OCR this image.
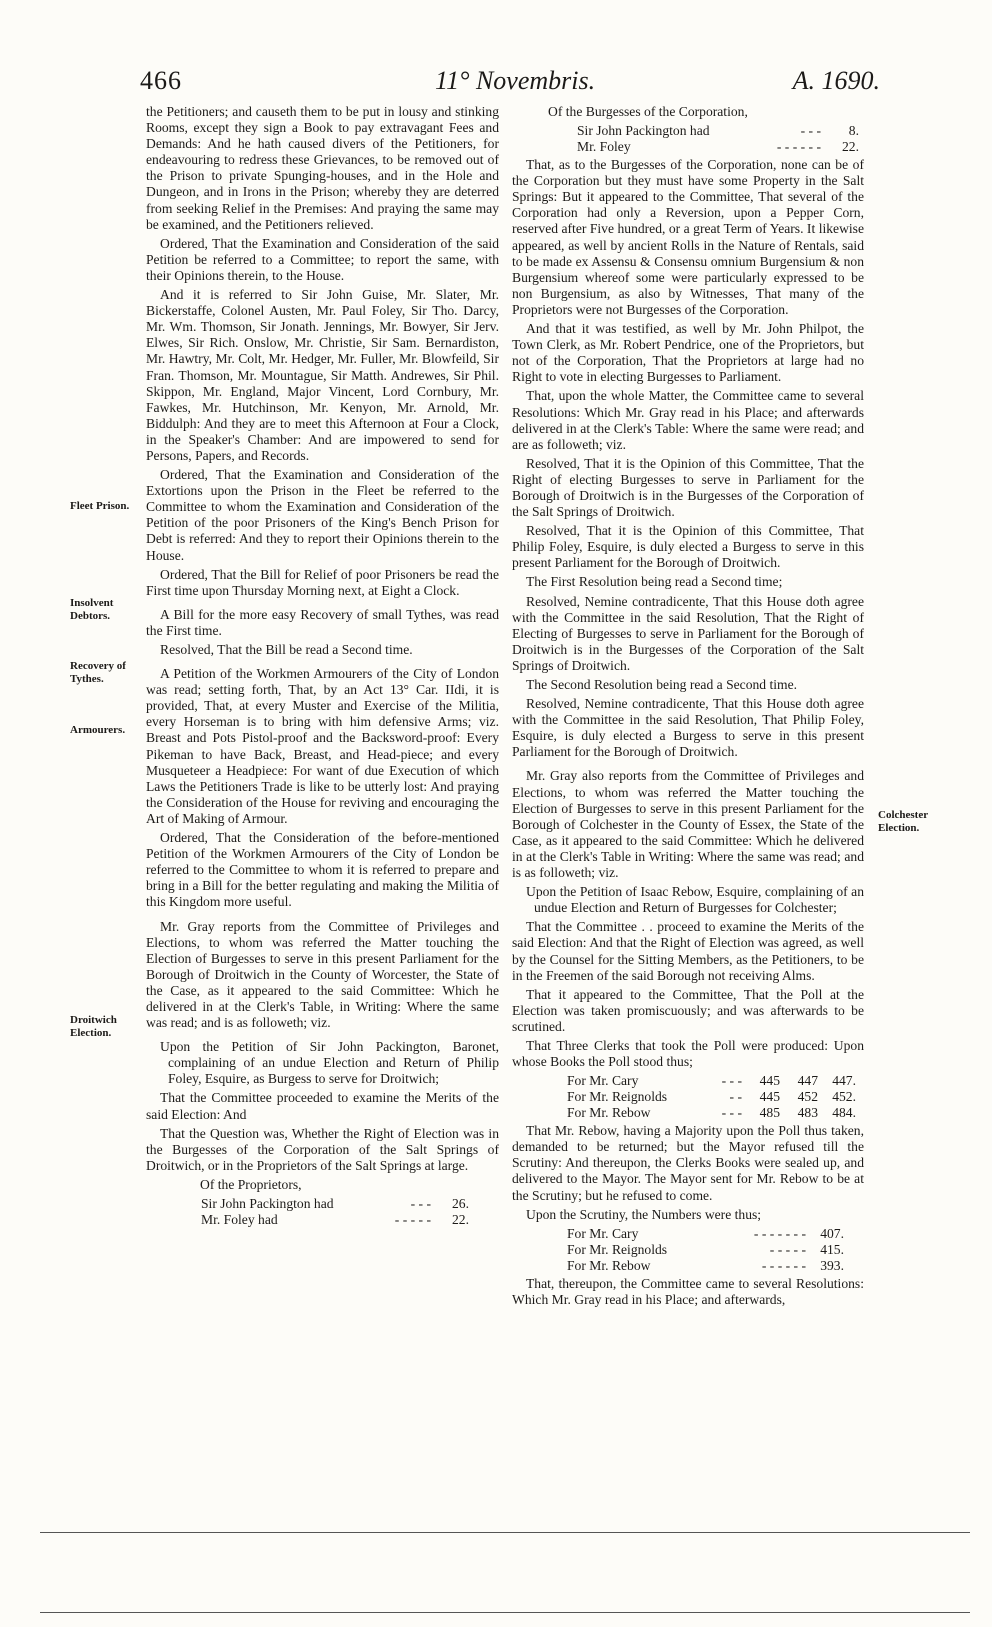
466	11° Novembris.	A. 1690.
Fleet Prison.
Insolvent Debtors.
Recovery of Tythes.
Armourers.
Droitwich Election.
Colchester Election.

the Petitioners; and causeth them to be put in lousy and stinking Rooms, except they sign a Book to pay extravagant Fees and Demands: And he hath caused divers of the Petitioners, for endeavouring to redress these Grievances, to be removed out of the Prison to private Spunging-houses, and in the Hole and Dungeon, and in Irons in the Prison; whereby they are deterred from seeking Relief in the Premises: And praying the same may be examined, and the Petitioners relieved.

Ordered, That the Examination and Consideration of the said Petition be referred to a Committee; to report the same, with their Opinions therein, to the House.

And it is referred to Sir John Guise, Mr. Slater, Mr. Bickerstaffe, Colonel Austen, Mr. Paul Foley, Sir Tho. Darcy, Mr. Wm. Thomson, Sir Jonath. Jennings, Mr. Bowyer, Sir Jerv. Elwes, Sir Rich. Onslow, Mr. Christie, Sir Sam. Bernardiston, Mr. Hawtry, Mr. Colt, Mr. Hedger, Mr. Fuller, Mr. Blowfeild, Sir Fran. Thomson, Mr. Mountague, Sir Matth. Andrewes, Sir Phil. Skippon, Mr. England, Major Vincent, Lord Cornbury, Mr. Fawkes, Mr. Hutchinson, Mr. Kenyon, Mr. Arnold, Mr. Biddulph: And they are to meet this Afternoon at Four a Clock, in the Speaker's Chamber: And are impowered to send for Persons, Papers, and Records.

Ordered, That the Examination and Consideration of the Extortions upon the Prison in the Fleet be referred to the Committee to whom the Examination and Consideration of the Petition of the poor Prisoners of the King's Bench Prison for Debt is referred: And they to report their Opinions therein to the House.

Ordered, That the Bill for Relief of poor Prisoners be read the First time upon Thursday Morning next, at Eight a Clock.

A Bill for the more easy Recovery of small Tythes, was read the First time.

Resolved, That the Bill be read a Second time.

A Petition of the Workmen Armourers of the City of London was read; setting forth, That, by an Act 13° Car. IIdi, it is provided, That, at every Muster and Exercise of the Militia, every Horseman is to bring with him defensive Arms; viz. Breast and Pots Pistol-proof and the Backsword-proof: Every Pikeman to have Back, Breast, and Head-piece; and every Musqueteer a Headpiece: For want of due Execution of which Laws the Petitioners Trade is like to be utterly lost: And praying the Consideration of the House for reviving and encouraging the Art of Making of Armour.

Ordered, That the Consideration of the before-mentioned Petition of the Workmen Armourers of the City of London be referred to the Committee to whom it is referred to prepare and bring in a Bill for the better regulating and making the Militia of this Kingdom more useful.

Mr. Gray reports from the Committee of Privileges and Elections, to whom was referred the Matter touching the Election of Burgesses to serve in this present Parliament for the Borough of Droitwich in the County of Worcester, the State of the Case, as it appeared to the said Committee: Which he delivered in at the Clerk's Table, in Writing: Where the same was read; and is as followeth; viz.

Upon the Petition of Sir John Packington, Baronet, complaining of an undue Election and Return of Philip Foley, Esquire, as Burgess to serve for Droitwich;

That the Committee proceeded to examine the Merits of the said Election: And

That the Question was, Whether the Right of Election was in the Burgesses of the Corporation of the Salt Springs of Droitwich, or in the Proprietors of the Salt Springs at large.

Of the Proprietors,

Sir John Packington had	- - -	26.
Mr. Foley had	- - - - -	22.

Of the Burgesses of the Corporation,

Sir John Packington had	- - -	8.
Mr. Foley	- - - - - -	22.

That, as to the Burgesses of the Corporation, none can be of the Corporation but they must have some Property in the Salt Springs: But it appeared to the Committee, That several of the Corporation had only a Reversion, upon a Pepper Corn, reserved after Five hundred, or a great Term of Years. It likewise appeared, as well by ancient Rolls in the Nature of Rentals, said to be made ex Assensu & Consensu omnium Burgensium & non Burgensium whereof some were particularly expressed to be non Burgensium, as also by Witnesses, That many of the Proprietors were not Burgesses of the Corporation.

And that it was testified, as well by Mr. John Philpot, the Town Clerk, as Mr. Robert Pendrice, one of the Proprietors, but not of the Corporation, That the Proprietors at large had no Right to vote in electing Burgesses to Parliament.

That, upon the whole Matter, the Committee came to several Resolutions: Which Mr. Gray read in his Place; and afterwards delivered in at the Clerk's Table: Where the same were read; and are as followeth; viz.

Resolved, That it is the Opinion of this Committee, That the Right of electing Burgesses to serve in Parliament for the Borough of Droitwich is in the Burgesses of the Corporation of the Salt Springs of Droitwich.

Resolved, That it is the Opinion of this Committee, That Philip Foley, Esquire, is duly elected a Burgess to serve in this present Parliament for the Borough of Droitwich.

The First Resolution being read a Second time;

Resolved, Nemine contradicente, That this House doth agree with the Committee in the said Resolution, That the Right of Electing of Burgesses to serve in Parliament for the Borough of Droitwich is in the Burgesses of the Corporation of the Salt Springs of Droitwich.

The Second Resolution being read a Second time.

Resolved, Nemine contradicente, That this House doth agree with the Committee in the said Resolution, That Philip Foley, Esquire, is duly elected a Burgess to serve in this present Parliament for the Borough of Droitwich.

Mr. Gray also reports from the Committee of Privileges and Elections, to whom was referred the Matter touching the Election of Burgesses to serve in this present Parliament for the Borough of Colchester in the County of Essex, the State of the Case, as it appeared to the said Committee: Which he delivered in at the Clerk's Table in Writing: Where the same was read; and is as followeth; viz.

Upon the Petition of Isaac Rebow, Esquire, complaining of an undue Election and Return of Burgesses for Colchester;

That the Committee . . proceed to examine the Merits of the said Election: And that the Right of Election was agreed, as well by the Counsel for the Sitting Members, as the Petitioners, to be in the Freemen of the said Borough not receiving Alms.

That it appeared to the Committee, That the Poll at the Election was taken promiscuously; and was afterwards to be scrutined.

That Three Clerks that took the Poll were produced: Upon whose Books the Poll stood thus;

For Mr. Cary	- - -	445	447	447.
For Mr. Reignolds	- -	445	452	452.
For Mr. Rebow	- - -	485	483	484.

That Mr. Rebow, having a Majority upon the Poll thus taken, demanded to be returned; but the Mayor refused till the Scrutiny: And thereupon, the Clerks Books were sealed up, and delivered to the Mayor. The Mayor sent for Mr. Rebow to be at the Scrutiny; but he refused to come.

Upon the Scrutiny, the Numbers were thus;

For Mr. Cary	- - - - - - -	407.
For Mr. Reignolds	- - - - -	415.
For Mr. Rebow	- - - - - -	393.

That, thereupon, the Committee came to several Resolutions: Which Mr. Gray read in his Place; and afterwards,
